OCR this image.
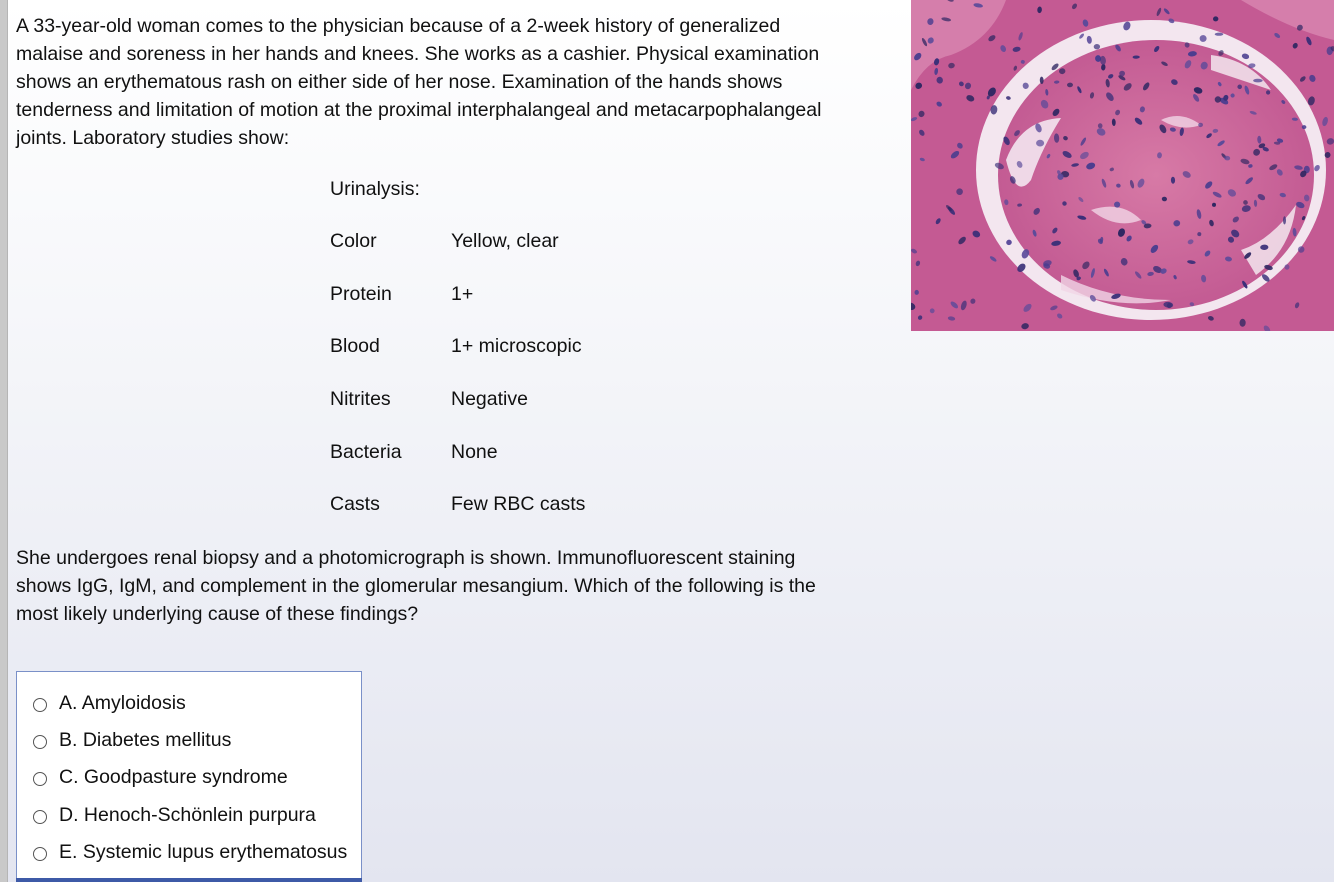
A 33-year-old woman comes to the physician because of a 2-week history of generalized malaise and soreness in her hands and knees. She works as a cashier. Physical examination shows an erythematous rash on either side of her nose. Examination of the hands shows tenderness and limitation of motion at the proximal interphalangeal and metacarpophalangeal joints. Laboratory studies show:
Urinalysis:
Color	Yellow, clear
Protein	1+
Blood	1+ microscopic
Nitrites	Negative
Bacteria	None
Casts	Few RBC casts
She undergoes renal biopsy and a photomicrograph is shown. Immunofluorescent staining shows IgG, IgM, and complement in the glomerular mesangium. Which of the following is the most likely underlying cause of these findings?
A. Amyloidosis
B. Diabetes mellitus
C. Goodpasture syndrome
D. Henoch-Schönlein purpura
E. Systemic lupus erythematosus
